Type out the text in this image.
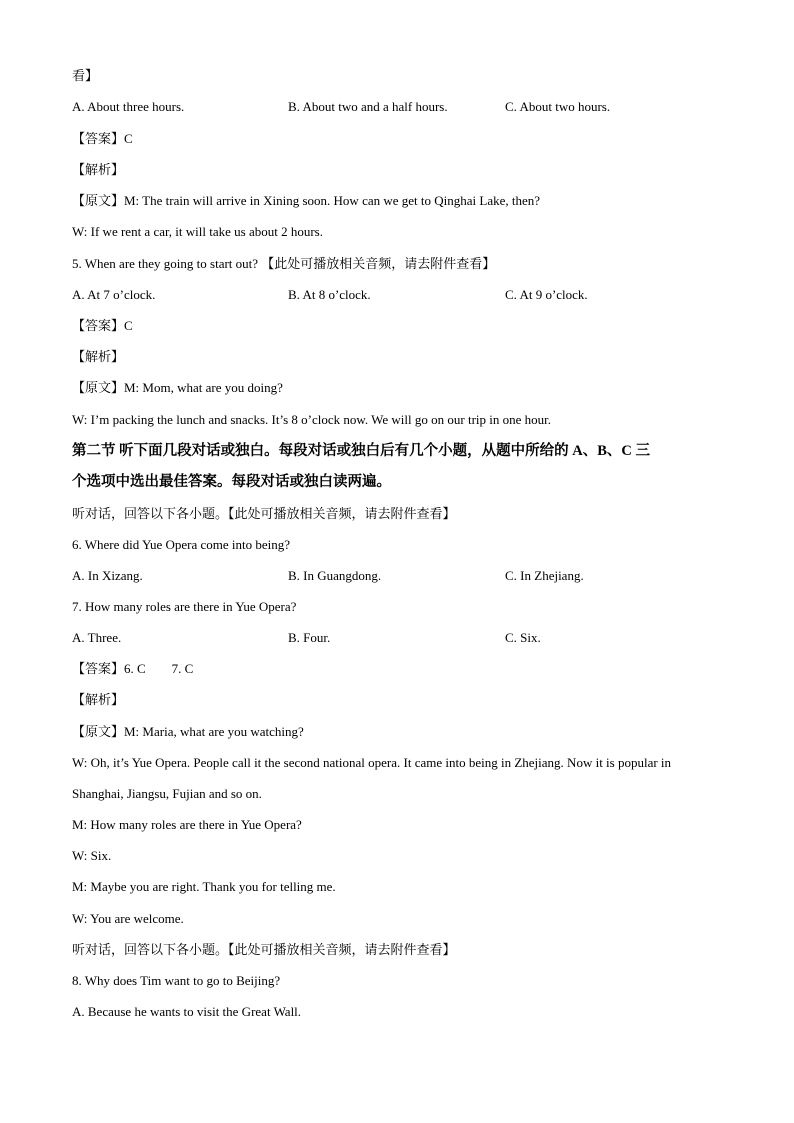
看】
A. About three hours.	B. About two and a half hours.	C. About two hours.
【答案】C
【解析】
【原文】M: The train will arrive in Xining soon. How can we get to Qinghai Lake, then?
W: If we rent a car, it will take us about 2 hours.
5. When are they going to start out? 【此处可播放相关音频，请去附件查看】
A. At 7 o’clock.	B. At 8 o’clock.	C. At 9 o’clock.
【答案】C
【解析】
【原文】M: Mom, what are you doing?
W: I’m packing the lunch and snacks. It’s 8 o’clock now. We will go on our trip in one hour.
第二节 听下面几段对话或独白。每段对话或独白后有几个小题，从题中所给的 A、B、C 三
个选项中选出最佳答案。每段对话或独白读两遍。
听对话，回答以下各小题。【此处可播放相关音频，请去附件查看】
6. Where did Yue Opera come into being?
A. In Xizang.	B. In Guangdong.	C. In Zhejiang.
7. How many roles are there in Yue Opera?
A. Three.	B. Four.	C. Six.
【答案】6. C 7. C
【解析】
【原文】M: Maria, what are you watching?
W: Oh, it’s Yue Opera. People call it the second national opera. It came into being in Zhejiang. Now it is popular in
Shanghai, Jiangsu, Fujian and so on.
M: How many roles are there in Yue Opera?
W: Six.
M: Maybe you are right. Thank you for telling me.
W: You are welcome.
听对话，回答以下各小题。【此处可播放相关音频，请去附件查看】
8. Why does Tim want to go to Beijing?
A. Because he wants to visit the Great Wall.
